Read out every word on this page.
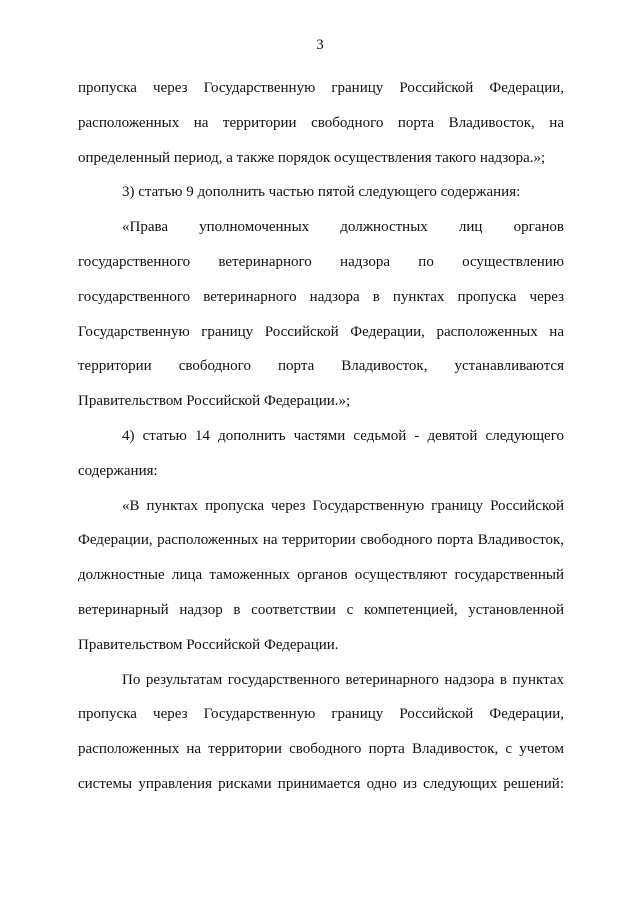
3
пропуска через Государственную границу Российской Федерации,
расположенных на территории свободного порта Владивосток, на
определенный период, а также порядок осуществления такого надзора.»;
3) статью 9 дополнить частью пятой следующего содержания:
«Права уполномоченных должностных лиц органов
государственного ветеринарного надзора по осуществлению
государственного ветеринарного надзора в пунктах пропуска через
Государственную границу Российской Федерации, расположенных на
территории свободного порта Владивосток, устанавливаются
Правительством Российской Федерации.»;
4) статью 14 дополнить частями седьмой - девятой следующего
содержания:
«В пунктах пропуска через Государственную границу Российской
Федерации, расположенных на территории свободного порта Владивосток,
должностные лица таможенных органов осуществляют государственный
ветеринарный надзор в соответствии с компетенцией, установленной
Правительством Российской Федерации.
По результатам государственного ветеринарного надзора в пунктах
пропуска через Государственную границу Российской Федерации,
расположенных на территории свободного порта Владивосток, с учетом
системы управления рисками принимается одно из следующих решений:
